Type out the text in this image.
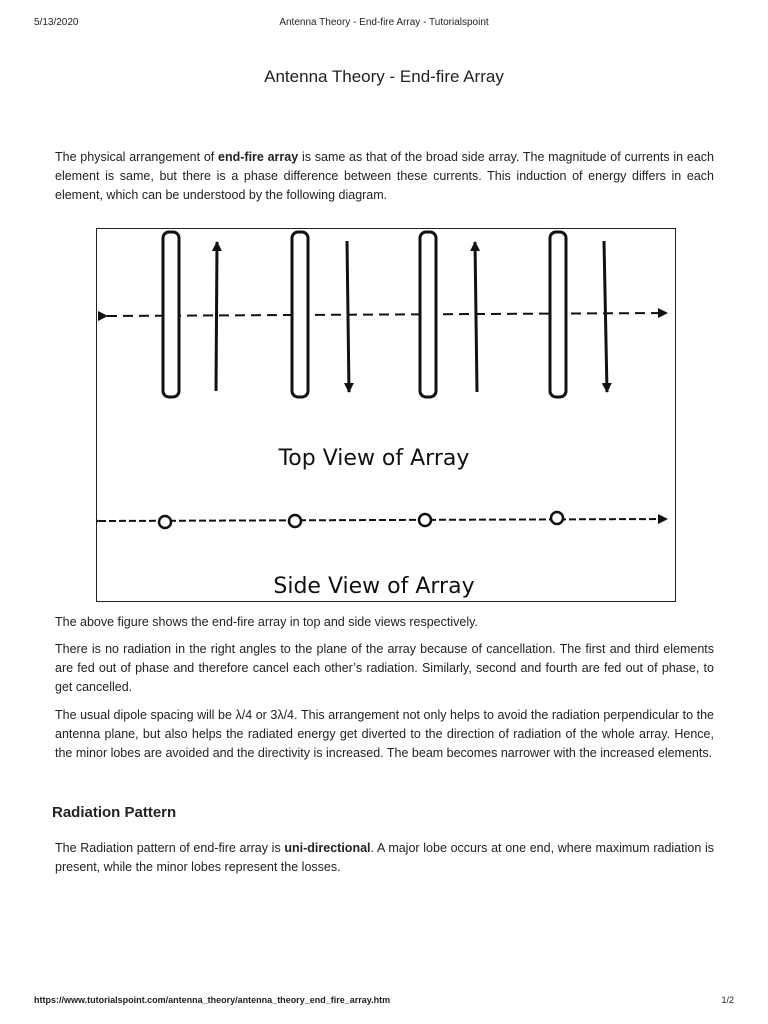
5/13/2020	Antenna Theory - End-fire Array - Tutorialspoint
Antenna Theory - End-fire Array

The physical arrangement of end-fire array is same as that of the broad side array. The magnitude of currents in each element is same, but there is a phase difference between these currents. This induction of energy differs in each element, which can be understood by the following diagram.

Top View of Array
Side View of Array

The above figure shows the end-fire array in top and side views respectively.

There is no radiation in the right angles to the plane of the array because of cancellation. The first and third elements are fed out of phase and therefore cancel each other’s radiation. Similarly, second and fourth are fed out of phase, to get cancelled.

The usual dipole spacing will be λ/4 or 3λ/4. This arrangement not only helps to avoid the radiation perpendicular to the antenna plane, but also helps the radiated energy get diverted to the direction of radiation of the whole array. Hence, the minor lobes are avoided and the directivity is increased. The beam becomes narrower with the increased elements.

Radiation Pattern

The Radiation pattern of end-fire array is uni-directional. A major lobe occurs at one end, where maximum radiation is present, while the minor lobes represent the losses.

https://www.tutorialspoint.com/antenna_theory/antenna_theory_end_fire_array.htm	1/2
